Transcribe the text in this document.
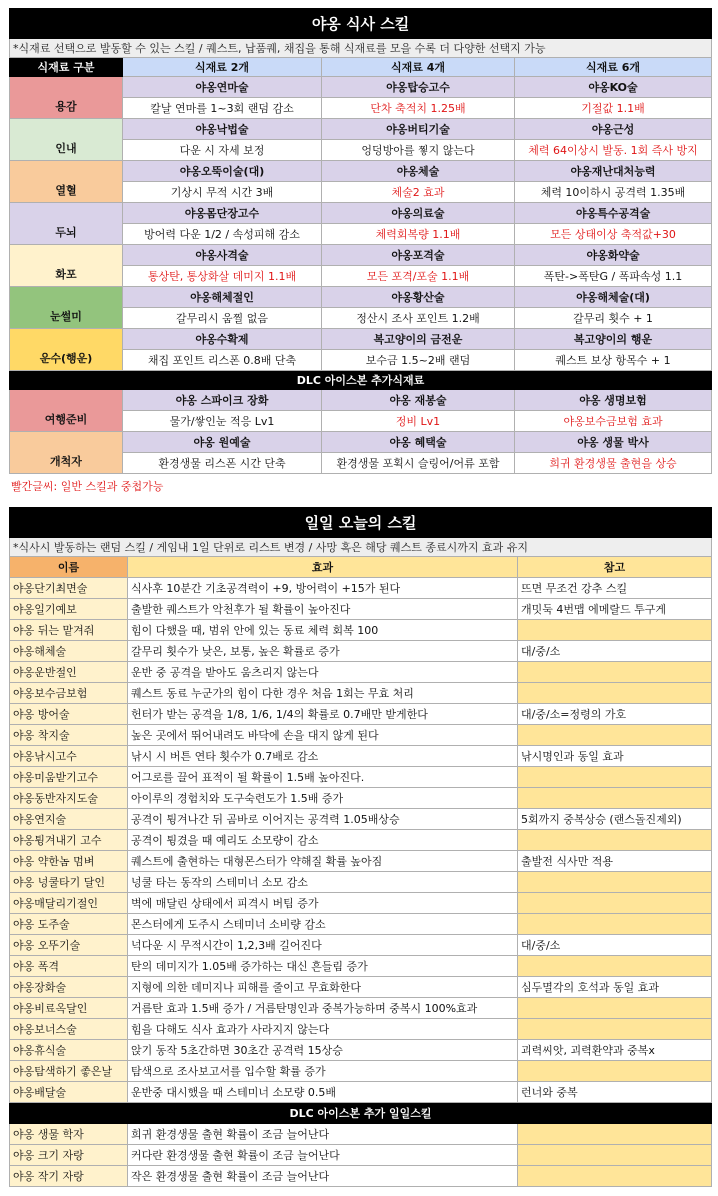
야옹 식사 스킬			
*식재료 선택으로 발동할 수 있는 스킬 / 퀘스트, 납품퀘, 채집을 통해 식재료를 모을 수록 더 다양한 선택지 가능			
식재료 구분	식재료 2개	식재료 4개	식재료 6개
용감	야옹연마술	야옹탑승고수	야옹KO술
	칼날 연마를 1~3회 랜덤 감소	단차 축적치 1.25배	기절값 1.1배
인내	야옹낙법술	야옹버티기술	야옹근성
	다운 시 자세 보정	엉덩방아를 찧지 않는다	체력 64이상시 발동. 1회 즉사 방지
열혈	야옹오뚝이술(대)	야옹체술	야옹재난대처능력
	기상시 무적 시간 3배	체술2 효과	체력 10이하시 공격력 1.35배
두뇌	야옹몸단장고수	야옹의료술	야옹특수공격술
	방어력 다운 1/2 / 속성피해 감소	체력회복량 1.1배	모든 상태이상 축적값+30
화포	야옹사격술	야옹포격술	야옹화약술
	통상탄, 통상화살 데미지 1.1배	모든 포격/포술 1.1배	폭탄->폭탄G / 폭파속성 1.1
눈썰미	야옹해체절인	야옹황산술	야옹해체술(대)
	갈무리시 움찔 없음	정산시 조사 포인트 1.2배	갈무리 횟수 + 1
운수(행운)	야옹수확제	복고양이의 금전운	복고양이의 행운
	채집 포인트 리스폰 0.8배 단축	보수금 1.5~2배 랜덤	퀘스트 보상 항목수 + 1
DLC 아이스본 추가식재료			
여행준비	야옹 스파이크 장화	야옹 재봉술	야옹 생명보험
	물가/쌓인눈 적응 Lv1	정비 Lv1	야옹보수금보험 효과
개척자	야옹 원예술	야옹 혜택술	야옹 생물 박사
	환경생물 리스폰 시간 단축	환경생물 포획시 슬링어/어류 포함	희귀 환경생물 출현을 상승
빨간글씨: 일반 스킬과 중첩가능
일일 오늘의 스킬		
*식사시 발동하는 랜덤 스킬 / 게임내 1일 단위로 리스트 변경 / 사망 혹은 해당 퀘스트 종료시까지 효과 유지		
이름	효과	참고
야옹단기최면술	식사후 10분간 기초공격력이 +9, 방어력이 +15가 된다	뜨면 무조건 강추 스킬
야옹일기예보	출발한 퀘스트가 악천후가 될 확률이 높아진다	개밋둑 4번맵 에메랄드 투구게
야옹 뒤는 맡겨줘	힘이 다했을 때, 범위 안에 있는 동료 체력 회복 100	
야옹해체술	갈무리 횟수가 낮은, 보통, 높은 확률로 증가	대/중/소
야옹운반절인	운반 중 공격을 받아도 움츠리지 않는다	
야옹보수금보험	퀘스트 동료 누군가의 힘이 다한 경우 처음 1회는 무효 처리	
야옹 방어술	헌터가 받는 공격을 1/8, 1/6, 1/4의 확률로 0.7배만 받게한다	대/중/소=정령의 가호
야옹 착지술	높은 곳에서 뛰어내려도 바닥에 손을 대지 않게 된다	
야옹낚시고수	낚시 시 버튼 연타 횟수가 0.7배로 감소	낚시명인과 동일 효과
야옹미움받기고수	어그로를 끌어 표적이 될 확률이 1.5배 높아진다.	
야옹동반자지도술	아이루의 경험치와 도구숙련도가 1.5배 증가	
야옹연지술	공격이 튕겨나간 뒤 곰바로 이어지는 공격력 1.05배상승	5회까지 중복상승 (랜스돌진제외)
야옹튕겨내기 고수	공격이 튕겼을 때 예리도 소모량이 감소	
야옹 약한놈 멈벼	퀘스트에 출현하는 대형몬스터가 약해질 확률 높아짐	출발전 식사만 적용
야옹 넝쿨타기 달인	넝쿨 타는 동작의 스테미너 소모 감소	
야옹매달리기절인	벽에 매달린 상태에서 피격시 버팀 증가	
야옹 도주술	몬스터에게 도주시 스테미너 소비량 감소	
야옹 오뚜기술	넉다운 시 무적시간이 1,2,3배 길어진다	대/중/소
야옹 폭격	탄의 데미지가 1.05배 증가하는 대신 흔들림 증가	
야옹장화술	지형에 의한 데미지나 피해를 줄이고 무효화한다	심두멸각의 호석과 동일 효과
야옹비료옥달인	거름탄 효과 1.5배 증가 / 거름탄명인과 중복가능하며 중복시 100%효과	
야옹보너스술	힘을 다해도 식사 효과가 사라지지 않는다	
야옹휴식술	앉기 동작 5초간하면 30초간 공격력 15상승	괴력씨앗, 괴력환약과 중복x
야옹탐색하기 좋은날	탐색으로 조사보고서를 입수할 확률 증가	
야옹배달술	운반중 대시했을 때 스테미너 소모량 0.5배	런너와 중복
DLC 아이스본 추가 일일스킬		
야옹 생물 학자	희귀 환경생물 출현 확률이 조금 늘어난다	
야옹 크기 자랑	커다란 환경생물 출현 확률이 조금 늘어난다	
야옹 작기 자랑	작은 환경생물 출현 확률이 조금 늘어난다	
